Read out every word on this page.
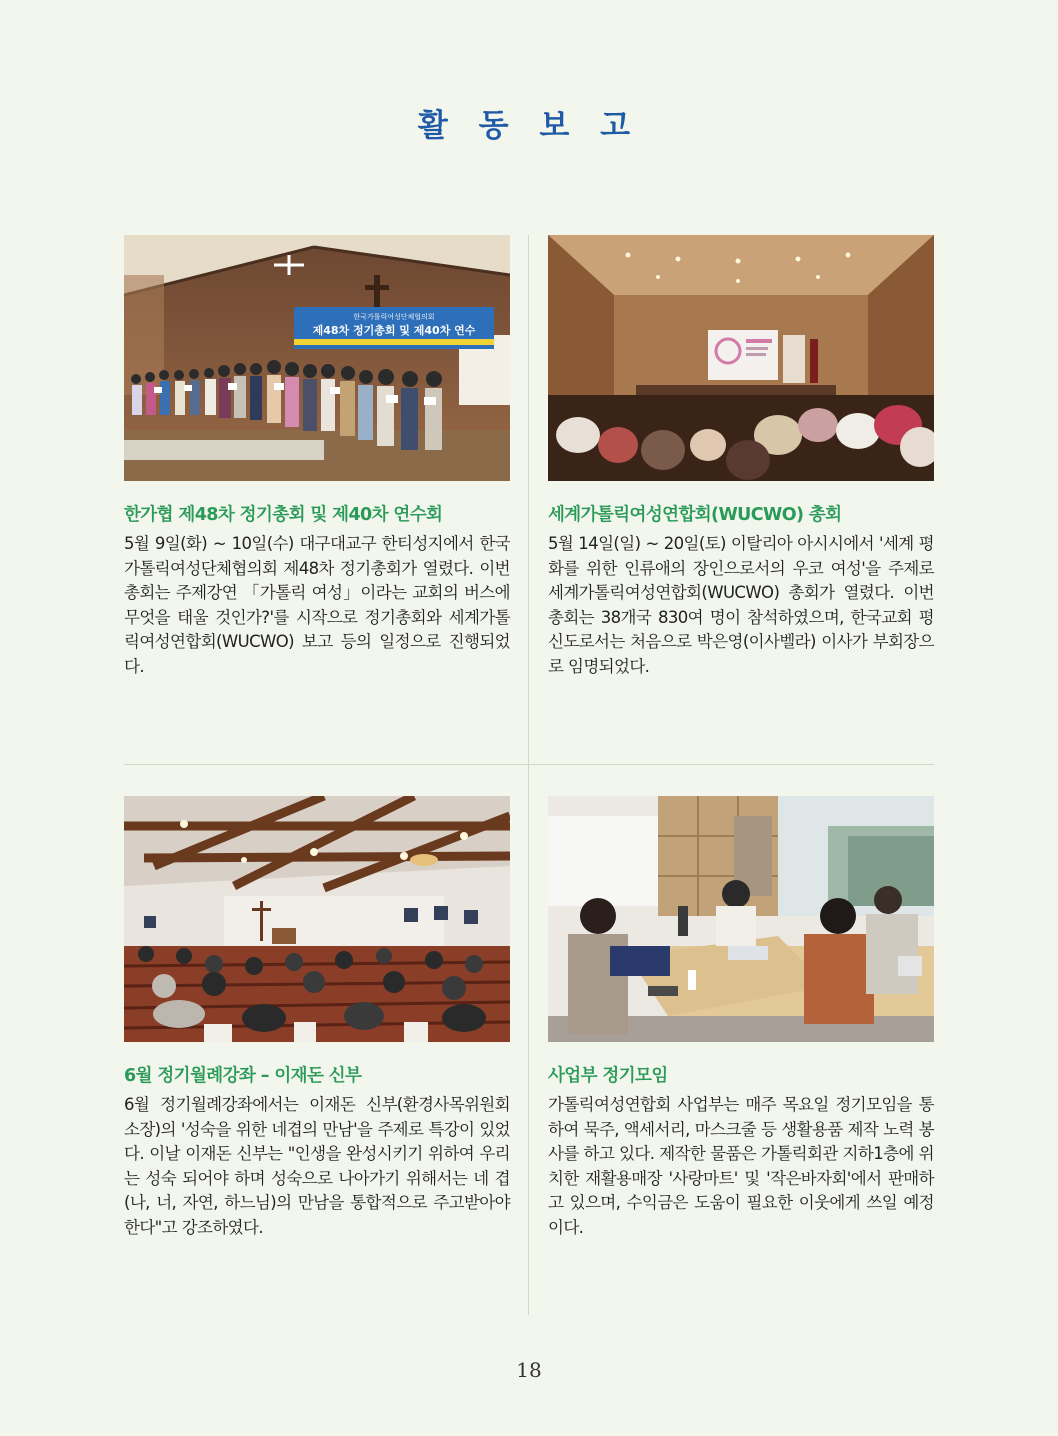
활 동 보 고
한국가톨릭여성단체협의회
제48차 정기총회 및 제40차 연수
한가협 제48차 정기총회 및 제40차 연수회
5월 9일(화) ~ 10일(수) 대구대교구 한티성지에서 한국가톨릭여성단체협의회 제48차 정기총회가 열렸다. 이번 총회는 주제강연 「가톨릭 여성」이라는 교회의 버스에 무엇을 태울 것인가?'를 시작으로 정기총회와 세계가톨릭여성연합회(WUCWO) 보고 등의 일정으로 진행되었다.
세계가톨릭여성연합회(WUCWO) 총회
5월 14일(일) ~ 20일(토) 이탈리아 아시시에서 '세계 평화를 위한 인류애의 장인으로서의 우코 여성'을 주제로 세계가톨릭여성연합회(WUCWO) 총회가 열렸다. 이번 총회는 38개국 830여 명이 참석하였으며, 한국교회 평신도로서는 처음으로 박은영(이사벨라) 이사가 부회장으로 임명되었다.
6월 정기월례강좌 – 이재돈 신부
6월 정기월례강좌에서는 이재돈 신부(환경사목위원회 소장)의 '성숙을 위한 네겹의 만남'을 주제로 특강이 있었다. 이날 이재돈 신부는 "인생을 완성시키기 위하여 우리는 성숙 되어야 하며 성숙으로 나아가기 위해서는 네 겹(나, 너, 자연, 하느님)의 만남을 통합적으로 주고받아야 한다"고 강조하였다.
사업부 정기모임
가톨릭여성연합회 사업부는 매주 목요일 정기모임을 통하여 묵주, 액세서리, 마스크줄 등 생활용품 제작 노력 봉사를 하고 있다. 제작한 물품은 가톨릭회관 지하1층에 위치한 재활용매장 '사랑마트' 및 '작은바자회'에서 판매하고 있으며, 수익금은 도움이 필요한 이웃에게 쓰일 예정이다.
18
